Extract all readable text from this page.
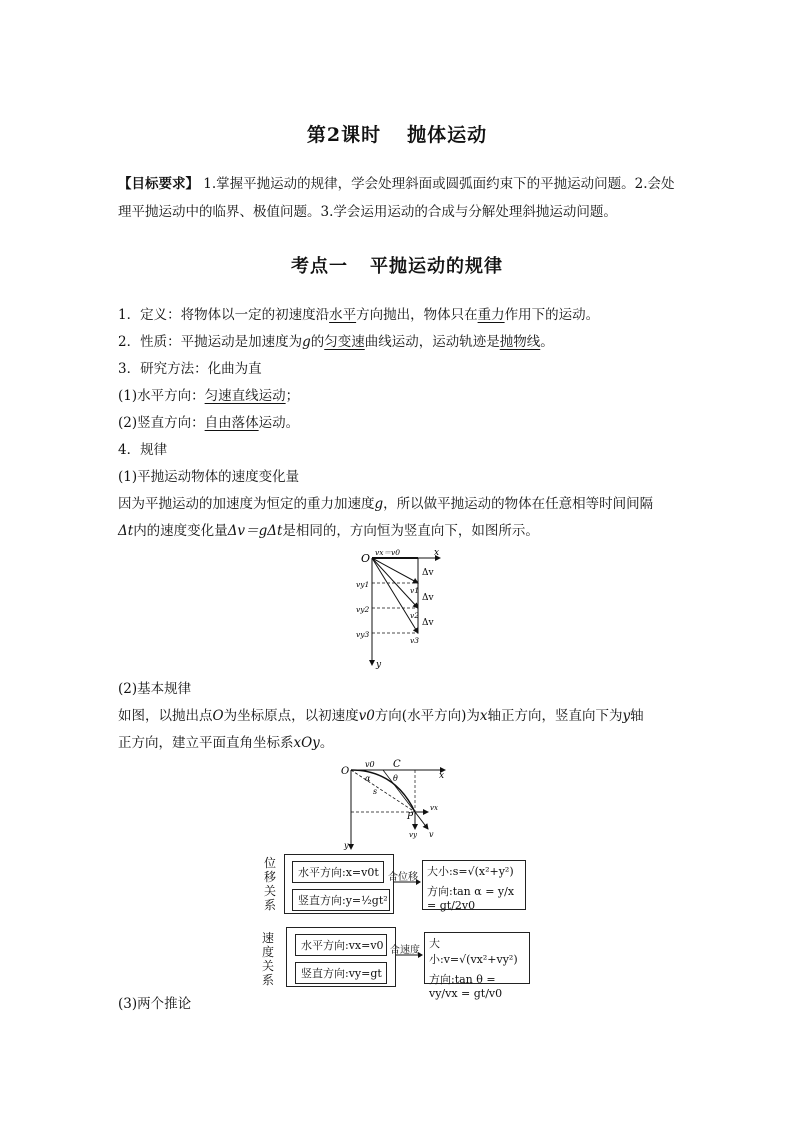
第2课时 抛体运动
【目标要求】 1.掌握平抛运动的规律，学会处理斜面或圆弧面约束下的平抛运动问题。2.会处
理平抛运动中的临界、极值问题。3.学会运用运动的合成与分解处理斜抛运动问题。
考点一 平抛运动的规律
1．定义：将物体以一定的初速度沿水平方向抛出，物体只在重力作用下的运动。
2．性质：平抛运动是加速度为g的匀变速曲线运动，运动轨迹是抛物线。
3．研究方法：化曲为直
(1)水平方向：匀速直线运动；
(2)竖直方向：自由落体运动。
4．规律
(1)平抛运动物体的速度变化量
因为平抛运动的加速度为恒定的重力加速度g，所以做平抛运动的物体在任意相等时间间隔
Δt内的速度变化量Δv＝gΔt是相同的，方向恒为竖直向下，如图所示。
O	x
y
vx＝v0
vy1
vy2
vy3
Δv
Δv
Δv
v1
v2
v3
(2)基本规律
如图，以抛出点O为坐标原点，以初速度v0方向(水平方向)为x轴正方向，竖直向下为y轴
正方向，建立平面直角坐标系xOy。
O
v0 C
x
α	θ
s
P
vx
vy v
y
位
移
关
系
水平方向:x=v0t
竖直方向:y=½gt²
合位移 大小:s=√(x²+y²)
方向:tan α = y/x = gt/2v0
速
度
关
系
水平方向:vx=v0
竖直方向:vy=gt
合速度
大小:v=√(vx²+vy²)
方向:tan θ = vy/vx = gt/v0
(3)两个推论
